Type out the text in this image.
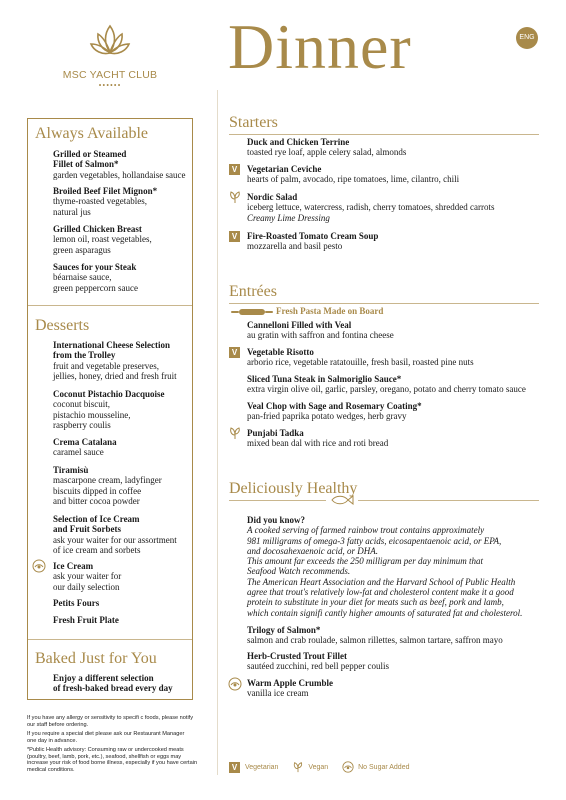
MSC YACHT CLUB
••••••
Dinner	ENG
Always Available
Grilled or Steamed
Fillet of Salmon*
garden vegetables, hollandaise sauce
Broiled Beef Filet Mignon*
thyme-roasted vegetables,
natural jus
Grilled Chicken Breast
lemon oil, roast vegetables,
green asparagus
Sauces for your Steak
béarnaise sauce,
green peppercorn sauce
Desserts
International Cheese Selection
from the Trolley
fruit and vegetable preserves,
jellies, honey, dried and fresh fruit
Coconut Pistachio Dacquoise
coconut biscuit,
pistachio mousseline,
raspberry coulis
Crema Catalana
caramel sauce
Tiramisù
mascarpone cream, ladyfinger
biscuits dipped in coffee
and bitter cocoa powder
Selection of Ice Cream
and Fruit Sorbets
ask your waiter for our assortment
of ice cream and sorbets
Ice Cream
ask your waiter for
our daily selection
Petits Fours
Fresh Fruit Plate
Baked Just for You
Enjoy a different selection
of fresh-baked bread every day
If you have any allergy or sensitivity to specifi c foods, please notify
our staff before ordering.
If you require a special diet please ask our Restaurant Manager
one day in advance.
*Public Health advisory: Consuming raw or undercooked meats
(poultry, beef, lamb, pork, etc.), seafood, shellfish or eggs may
increase your risk of food borne illness, especially if you have certain
medical conditions.
Starters
Duck and Chicken Terrine
toasted rye loaf, apple celery salad, almonds
V	Vegetarian Ceviche
hearts of palm, avocado, ripe tomatoes, lime, cilantro, chili
Nordic Salad
iceberg lettuce, watercress, radish, cherry tomatoes, shredded carrots
Creamy Lime Dressing
V	Fire-Roasted Tomato Cream Soup
mozzarella and basil pesto
Entrées
Fresh Pasta Made on Board
Cannelloni Filled with Veal
au gratin with saffron and fontina cheese
V	Vegetable Risotto
arborio rice, vegetable ratatouille, fresh basil, roasted pine nuts
Sliced Tuna Steak in Salmoriglio Sauce*
extra virgin olive oil, garlic, parsley, oregano, potato and cherry tomato sauce
Veal Chop with Sage and Rosemary Coating*
pan-fried paprika potato wedges, herb gravy
Punjabi Tadka
mixed bean dal with rice and roti bread
Deliciously Healthy
Did you know?
A cooked serving of farmed rainbow trout contains approximately
981 milligrams of omega-3 fatty acids, eicosapentaenoic acid, or EPA,
and docosahexaenoic acid, or DHA.
This amount far exceeds the 250 milligram per day minimum that
Seafood Watch recommends.
The American Heart Association and the Harvard School of Public Health
agree that trout's relatively low-fat and cholesterol content make it a good
protein to substitute in your diet for meats such as beef, pork and lamb,
which contain signifi cantly higher amounts of saturated fat and cholesterol.
Trilogy of Salmon*
salmon and crab roulade, salmon rillettes, salmon tartare, saffron mayo
Herb-Crusted Trout Fillet
sautéed zucchini, red bell pepper coulis
Warm Apple Crumble
vanilla ice cream
V Vegetarian	Vegan	No Sugar Added
